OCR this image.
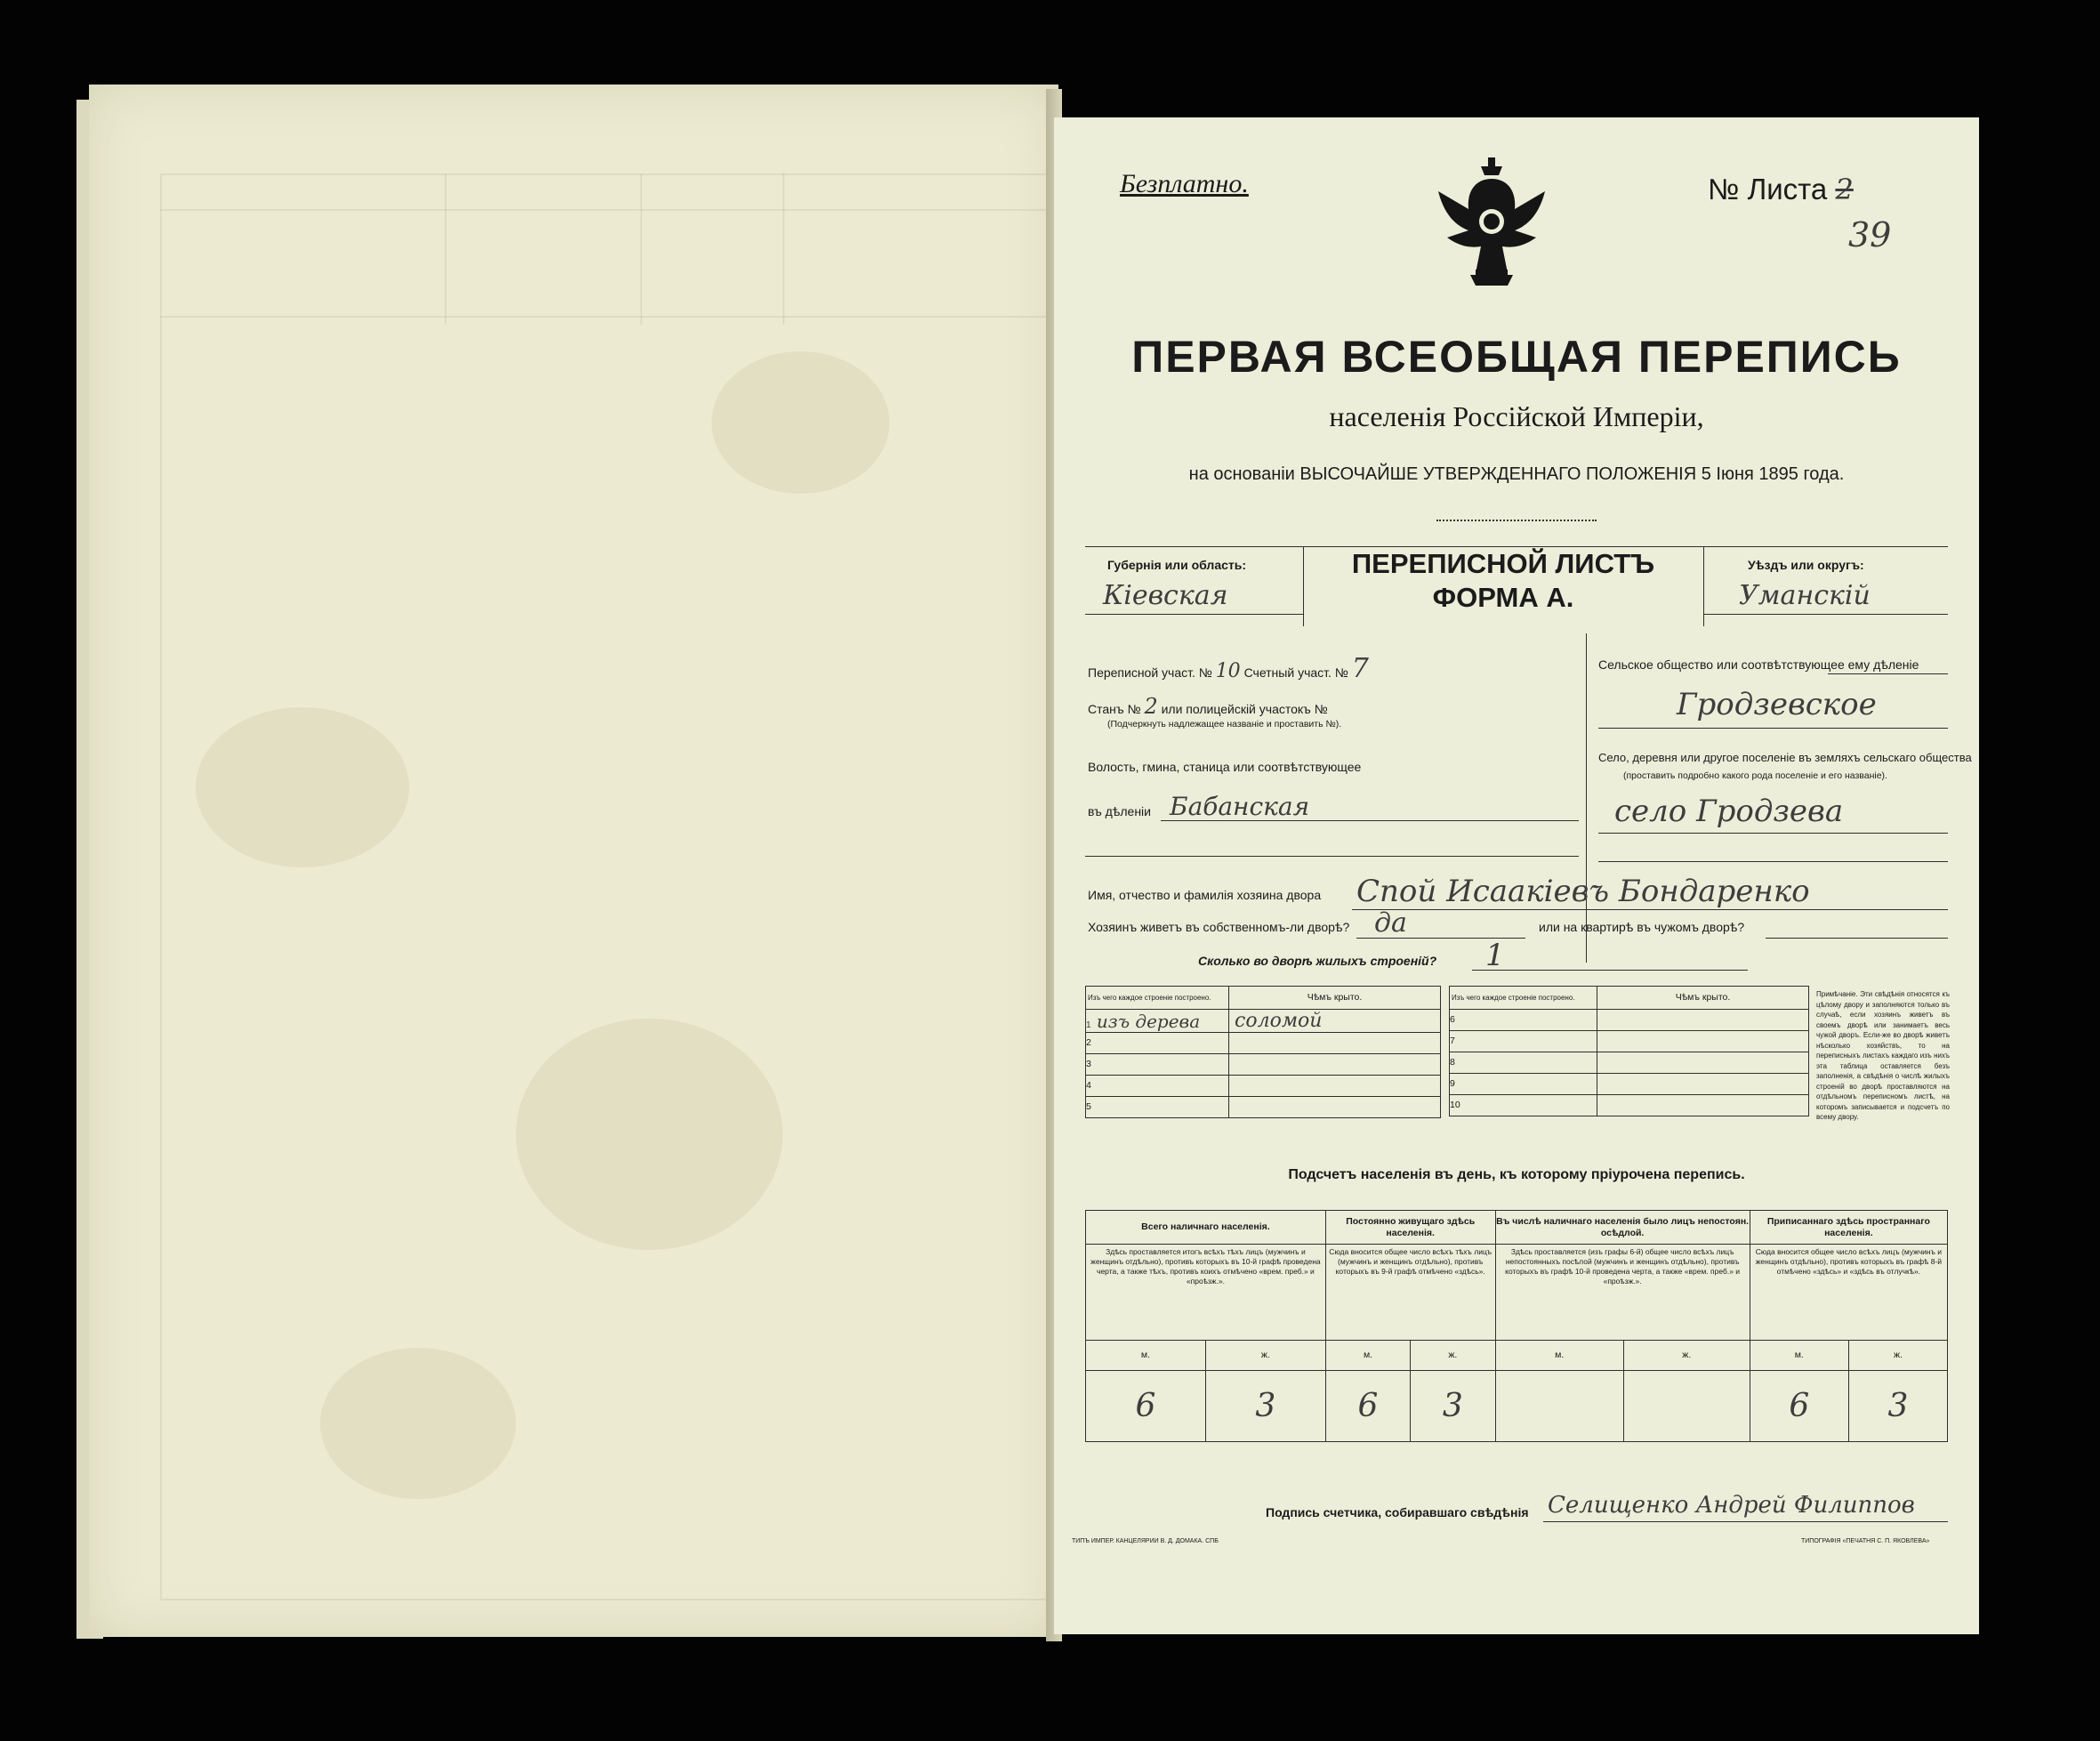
Безплатно.	№ Листа 2
39
ПЕРВАЯ ВСЕОБЩАЯ ПЕРЕПИСЬ
населенія Россійской Имперіи,
на основаніи ВЫСОЧАЙШЕ УТВЕРЖДЕННАГО ПОЛОЖЕНІЯ 5 Іюня 1895 года.
Губернія или область:
Кіевская
ПЕРЕПИСНОЙ ЛИСТЪ
ФОРМА А.
Уѣздъ или округъ:
Уманскій
Переписной участ. № 10 Счетный участ. № 7
Станъ № 2 или полицейскій участокъ №
(Подчеркнуть надлежащее названіе и проставить №).
Волость, гмина, станица или соотвѣтствующее
въ дѣленіи Бабанская
Сельское общество или соотвѣтствующее ему дѣленіе
Гродзевское
Село, деревня или другое поселеніе въ земляхъ сельскаго общества
(проставить подробно какого рода поселеніе и его названіе).
село Гродзева
Имя, отчество и фамилія хозяина двора Спой Исаакіевъ Бондаренко
Хозяинъ живетъ въ собственномъ-ли дворѣ? да	или на квартирѣ въ чужомъ дворѣ?
Сколько во дворѣ жилыхъ строеній? 1
Изъ чего каждое строеніе построено.	Чѣмъ крыто.
1 изъ дерева	соломой
2	
3	
4	
5	
Изъ чего каждое строеніе построено.	Чѣмъ крыто.
6	
7	
8	
9	
10	
Примѣчаніе. Эти свѣдѣнія относятся къ цѣлому двору и заполняются только въ случаѣ, если хозяинъ живетъ въ своемъ дворѣ или занимаетъ весь чужой дворъ. Если-же во дворѣ живетъ нѣсколько хозяйствъ, то на переписныхъ листахъ каждаго изъ нихъ эта таблица оставляется безъ заполненія, а свѣдѣнія о числѣ жилыхъ строеній во дворѣ проставляются на отдѣльномъ переписномъ листѣ, на которомъ записывается и подсчетъ по всему двору.
Подсчетъ населенія въ день, къ которому пріурочена перепись.
Всего наличнаго населенія.		Постоянно живущаго здѣсь населенія.		Въ числѣ наличнаго населенія было лицъ непостоян. осѣдлой.		Приписаннаго здѣсь пространнаго населенія.	
Здѣсь проставляется итогъ всѣхъ тѣхъ лицъ (мужчинъ и женщинъ отдѣльно), противъ которыхъ въ 10-й графѣ проведена черта, а также тѣхъ, противъ коихъ отмѣчено «врем. преб.» и «проѣзж.».		Сюда вносится общее число всѣхъ тѣхъ лицъ (мужчинъ и женщинъ отдѣльно), противъ которыхъ въ 9-й графѣ отмѣчено «здѣсь».		Здѣсь проставляется (изъ графы 6-й) общее число всѣхъ лицъ непостоянныхъ посѣлой (мужчинъ и женщинъ отдѣльно), противъ которыхъ въ графѣ 10-й проведена черта, а также «врем. преб.» и «проѣзж.».		Сюда вносится общее число всѣхъ лицъ (мужчинъ и женщинъ отдѣльно), противъ которыхъ въ графѣ 8-й отмѣчено «здѣсь» и «здѣсь въ отлучкѣ».	
м.	ж.	м.	ж.	м.	ж.	м.	ж.
6	3	6	3			6	3
Подпись счетчика, собиравшаго свѣдѣнія Селищенко Андрей Филиппов
ТИПЪ ИМПЕР. КАНЦЕЛЯРИИ В. Д. ДОМАКА. СПБ	ТИПОГРАФІЯ «ПЕЧАТНЯ С. П. ЯКОВЛЕВА»
